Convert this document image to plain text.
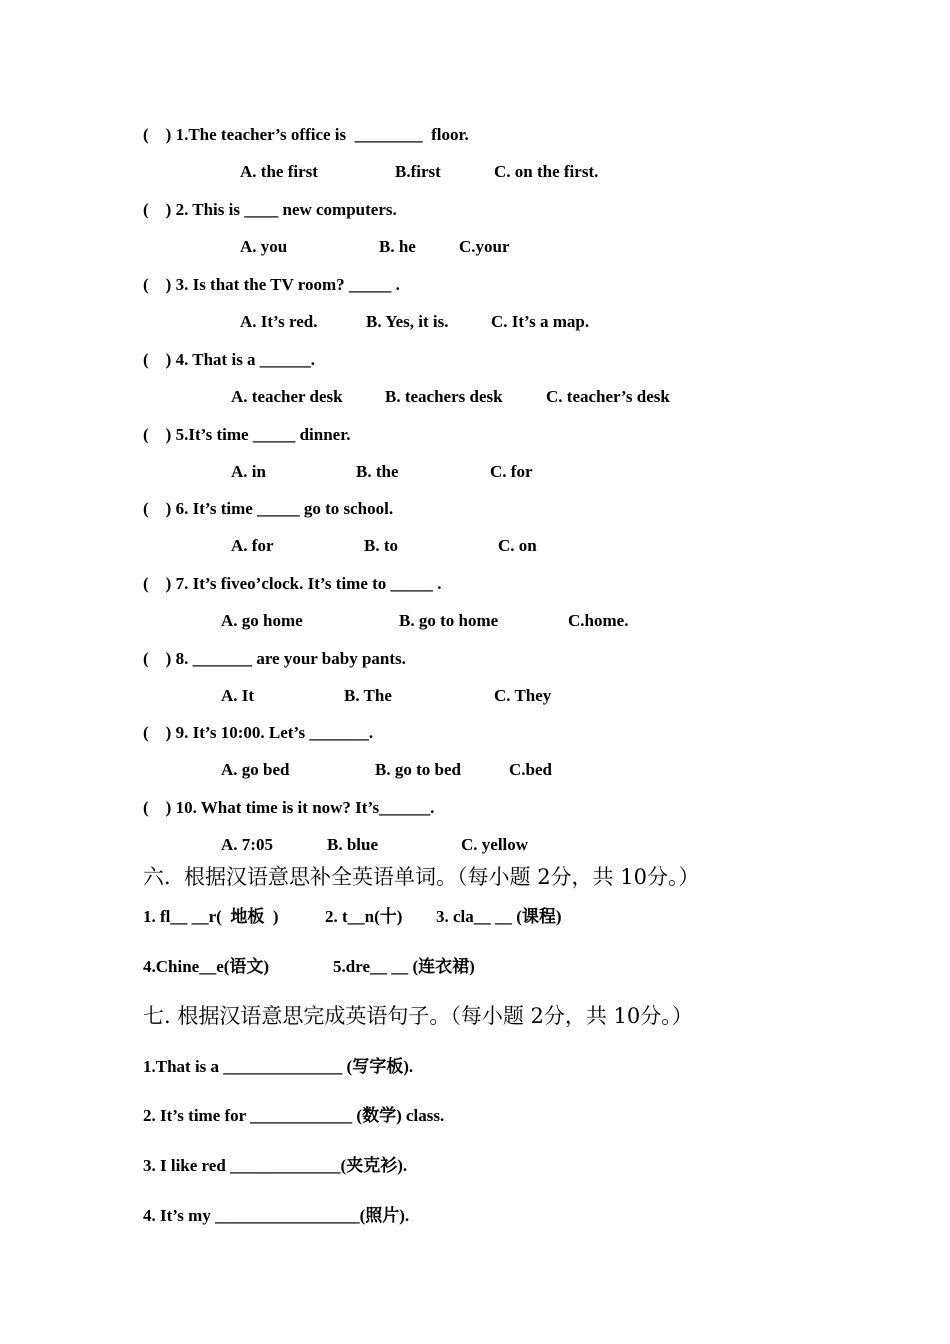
(    ) 1.The teacher’s office is  ________  floor.
A. the first	B.first	C. on the first.
(    ) 2. This is ____ new computers.
A. you	B. he	C.your
(    ) 3. Is that the TV room? _____ .
A. It’s red.	B. Yes, it is.	C. It’s a map.
(    ) 4. That is a ______.
A. teacher desk B. teachers desk	C. teacher’s desk
(    ) 5.It’s time _____ dinner.
A. in	B. the	C. for
(    ) 6. It’s time _____ go to school.
A. for	B. to	C. on
(    ) 7. It’s fiveo’clock. It’s time to _____ .
A. go home	B. go to home	C.home.
(    ) 8. _______ are your baby pants.
A. It	B. The	C. They
(    ) 9. It’s 10:00. Let’s _______.
A. go bed	B. go to bed	C.bed
(    ) 10. What time is it now? It’s______.
A. 7:05	B. blue	C. yellow
六.  根据汉语意思补全英语单词。（每小题 2分，共 10分。）
1. fl__ __r(  地板  )	2. t__n(十) 3. cla__ __ (课程)
4.Chine__e(语文)	5.dre__ __ (连衣裙)
七. 根据汉语意思完成英语句子。（每小题 2分，共 10分。）
1.That is a ______________ (写字板).
2. It’s time for ____________ (数学) class.
3. I like red _____________(夹克衫).
4. It’s my _________________(照片).
